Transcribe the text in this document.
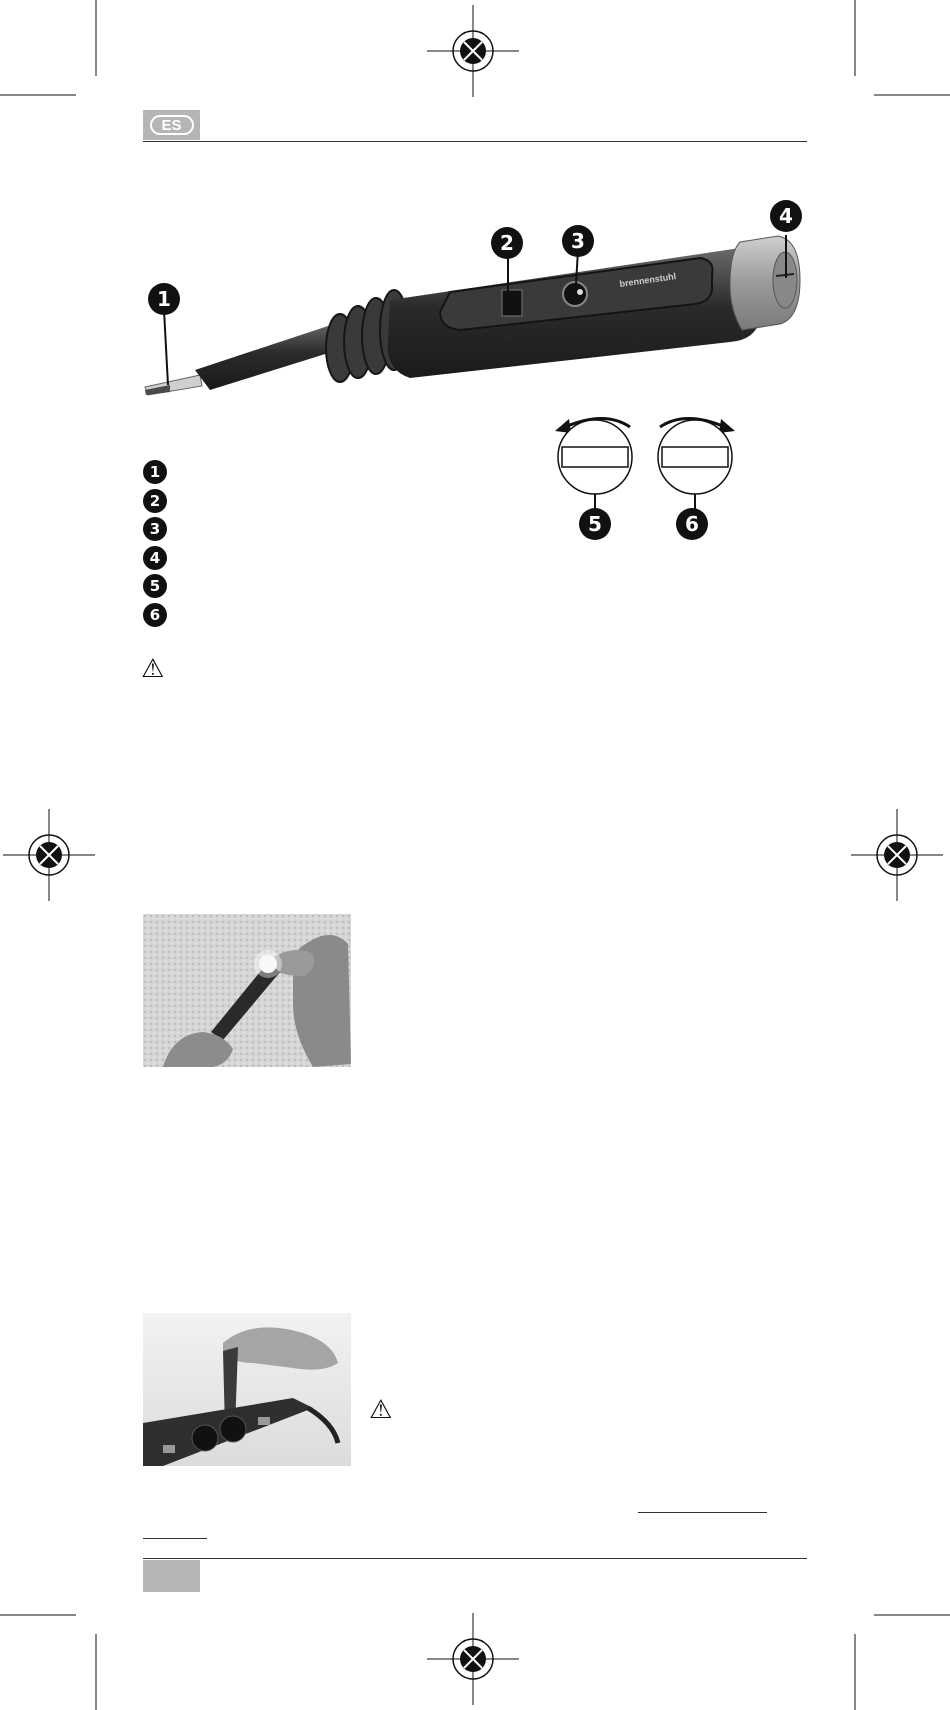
ES
brennenstuhl
1
2	3
4
5	6
1
2
3
4
5
6
⚠
⚠
